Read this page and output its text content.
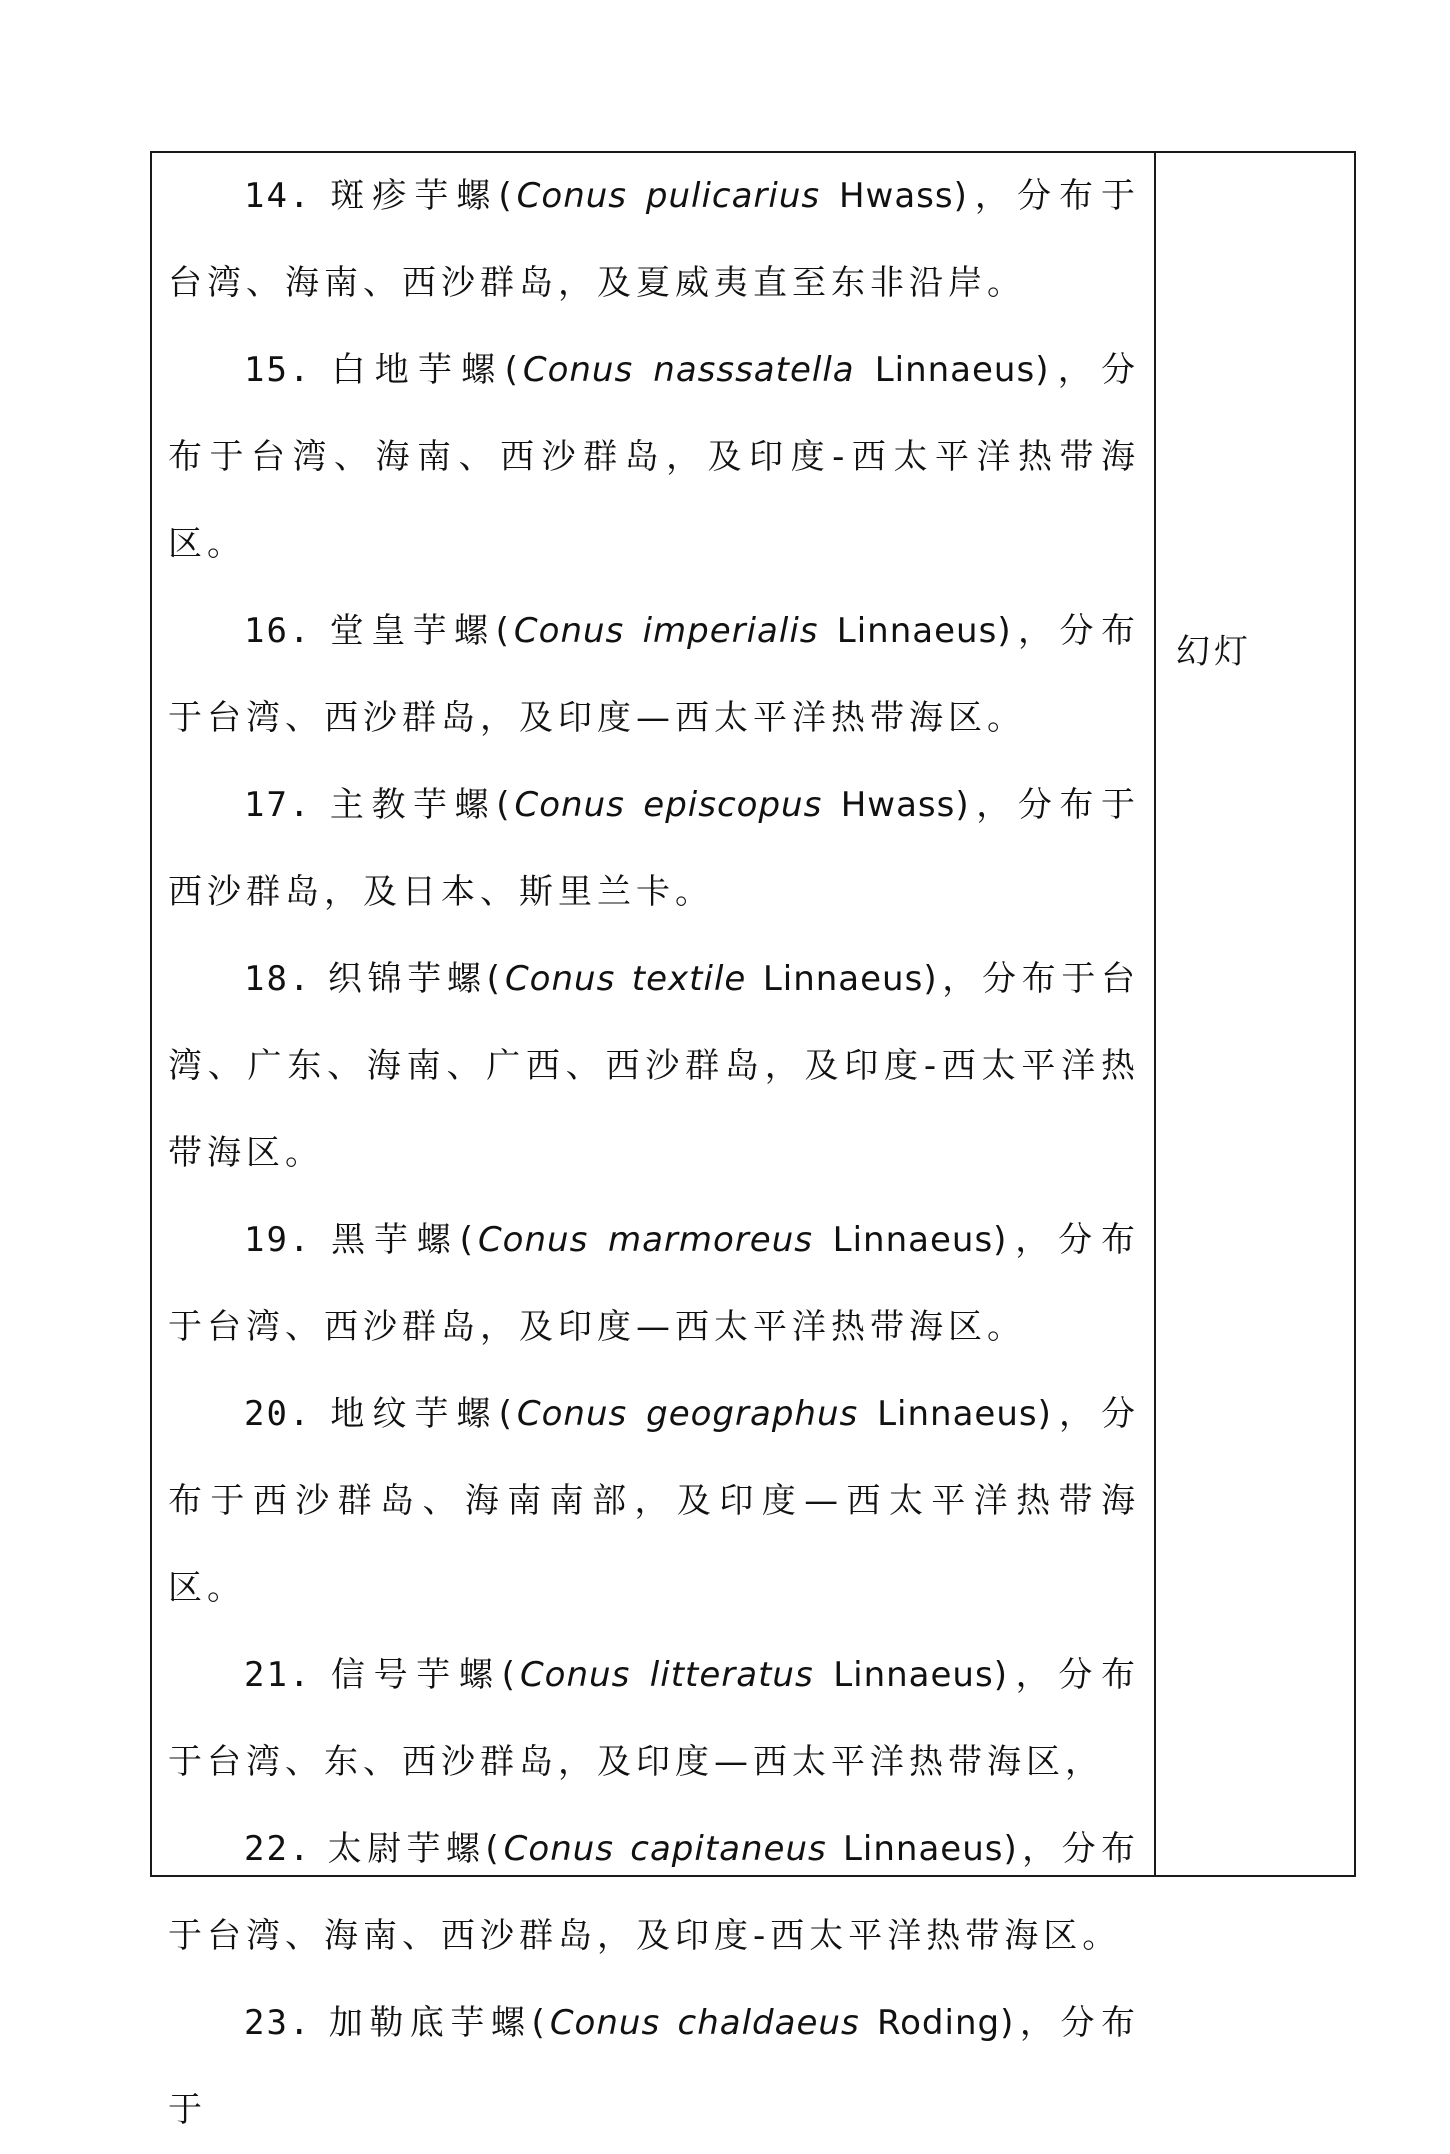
14. 斑疹芋螺(Conus pulicarius Hwass)，分布于台湾、海南、西沙群岛，及夏威夷直至东非沿岸。

15. 白地芋螺(Conus nasssatella Linnaeus)，分布于台湾、海南、西沙群岛，及印度-西太平洋热带海区。

16. 堂皇芋螺(Conus imperialis Linnaeus)，分布于台湾、西沙群岛，及印度—西太平洋热带海区。

17. 主教芋螺(Conus episcopus Hwass)，分布于西沙群岛，及日本、斯里兰卡。

18. 织锦芋螺(Conus textile Linnaeus)，分布于台湾、广东、海南、广西、西沙群岛，及印度-西太平洋热带海区。

19. 黑芋螺(Conus marmoreus Linnaeus)，分布于台湾、西沙群岛，及印度—西太平洋热带海区。

20. 地纹芋螺(Conus geographus Linnaeus)，分布于西沙群岛、海南南部，及印度—西太平洋热带海区。

21. 信号芋螺(Conus litteratus Linnaeus)，分布于台湾、东、西沙群岛，及印度—西太平洋热带海区，

22. 太尉芋螺(Conus capitaneus Linnaeus)，分布于台湾、海南、西沙群岛，及印度-西太平洋热带海区。

23. 加勒底芋螺(Conus chaldaeus Roding)，分布于

幻灯
